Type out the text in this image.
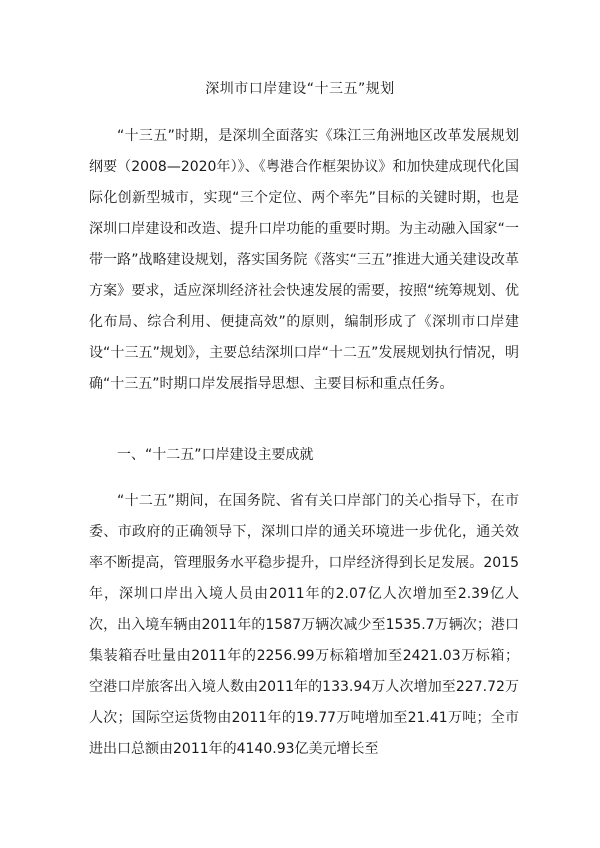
深圳市口岸建设“十三五”规划

“十三五”时期，是深圳全面落实《珠江三角洲地区改革发展规划纲要（2008—2020年）》、《粤港合作框架协议》和加快建成现代化国际化创新型城市，实现“三个定位、两个率先”目标的关键时期，也是深圳口岸建设和改造、提升口岸功能的重要时期。为主动融入国家“一带一路”战略建设规划，落实国务院《落实“三五”推进大通关建设改革方案》要求，适应深圳经济社会快速发展的需要，按照“统筹规划、优化布局、综合利用、便捷高效”的原则，编制形成了《深圳市口岸建设“十三五”规划》，主要总结深圳口岸“十二五”发展规划执行情况，明确“十三五”时期口岸发展指导思想、主要目标和重点任务。

一、“十二五”口岸建设主要成就

“十二五”期间，在国务院、省有关口岸部门的关心指导下，在市委、市政府的正确领导下，深圳口岸的通关环境进一步优化，通关效率不断提高，管理服务水平稳步提升，口岸经济得到长足发展。2015年，深圳口岸出入境人员由2011年的2.07亿人次增加至2.39亿人次，出入境车辆由2011年的1587万辆次减少至1535.7万辆次；港口集装箱吞吐量由2011年的2256.99万标箱增加至2421.03万标箱；空港口岸旅客出入境人数由2011年的133.94万人次增加至227.72万人次；国际空运货物由2011年的19.77万吨增加至21.41万吨；全市进出口总额由2011年的4140.93亿美元增长至
